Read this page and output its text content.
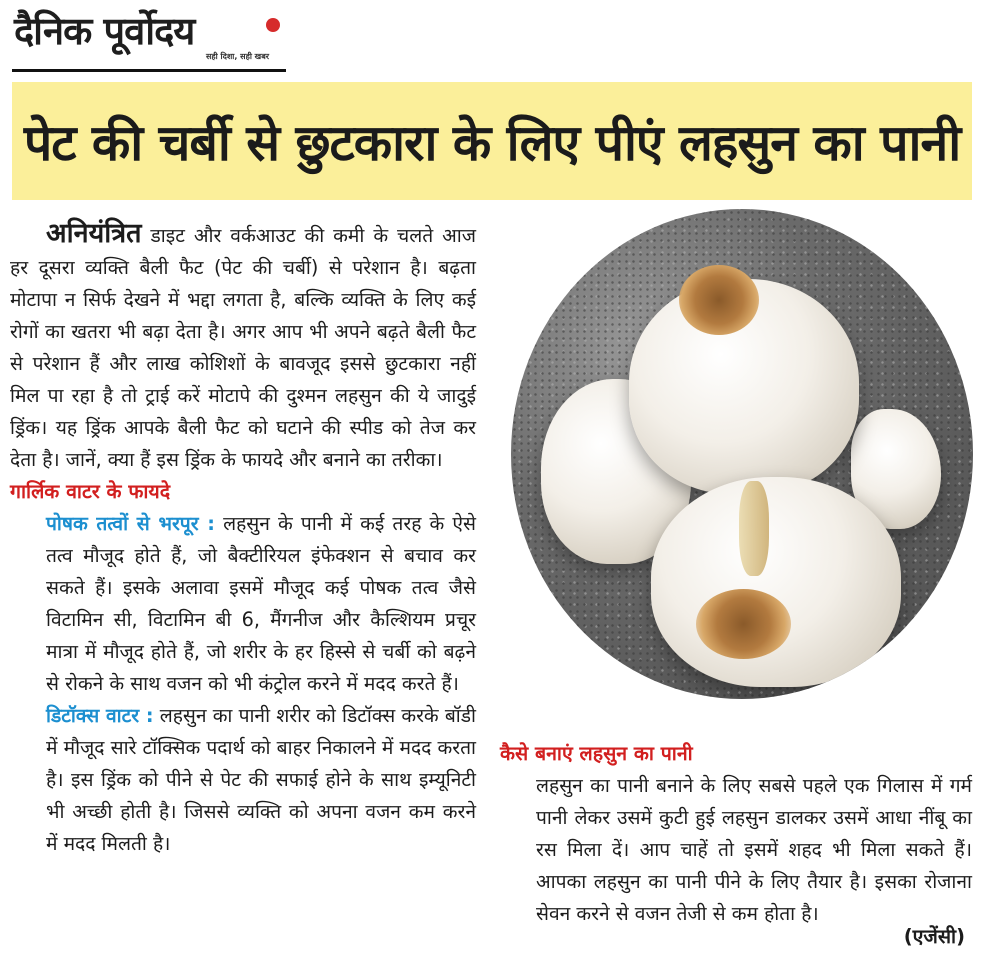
दैनिक पूर्वोदय
सही दिशा, सही खबर
पेट की चर्बी से छुटकारा के लिए पीएं लहसुन का पानी

अनियंत्रित डाइट और वर्कआउट की कमी के चलते आज हर दूसरा व्यक्ति बैली फैट (पेट की चर्बी) से परेशान है। बढ़ता मोटापा न सिर्फ देखने में भद्दा लगता है, बल्कि व्यक्ति के लिए कई रोगों का खतरा भी बढ़ा देता है। अगर आप भी अपने बढ़ते बैली फैट से परेशान हैं और लाख कोशिशों के बावजूद इससे छुटकारा नहीं मिल पा रहा है तो ट्राई करें मोटापे की दुश्मन लहसुन की ये जादुई ड्रिंक। यह ड्रिंक आपके बैली फैट को घटाने की स्पीड को तेज कर देता है। जानें, क्या हैं इस ड्रिंक के फायदे और बनाने का तरीका।

गार्लिक वाटर के फायदे

पोषक तत्वों से भरपूर : लहसुन के पानी में कई तरह के ऐसे तत्व मौजूद होते हैं, जो बैक्टीरियल इंफेक्शन से बचाव कर सकते हैं। इसके अलावा इसमें मौजूद कई पोषक तत्व जैसे विटामिन सी, विटामिन बी 6, मैंगनीज और कैल्शियम प्रचूर मात्रा में मौजूद होते हैं, जो शरीर के हर हिस्से से चर्बी को बढ़ने से रोकने के साथ वजन को भी कंट्रोल करने में मदद करते हैं।

डिटॉक्स वाटर : लहसुन का पानी शरीर को डिटॉक्स करके बॉडी में मौजूद सारे टॉक्सिक पदार्थ को बाहर निकालने में मदद करता है। इस ड्रिंक को पीने से पेट की सफाई होने के साथ इम्यूनिटी भी अच्छी होती है। जिससे व्यक्ति को अपना वजन कम करने में मदद मिलती है।

कैसे बनाएं लहसुन का पानी

लहसुन का पानी बनाने के लिए सबसे पहले एक गिलास में गर्म पानी लेकर उसमें कुटी हुई लहसुन डालकर उसमें आधा नींबू का रस मिला दें। आप चाहें तो इसमें शहद भी मिला सकते हैं। आपका लहसुन का पानी पीने के लिए तैयार है। इसका रोजाना सेवन करने से वजन तेजी से कम होता है।

(एजेंसी)
